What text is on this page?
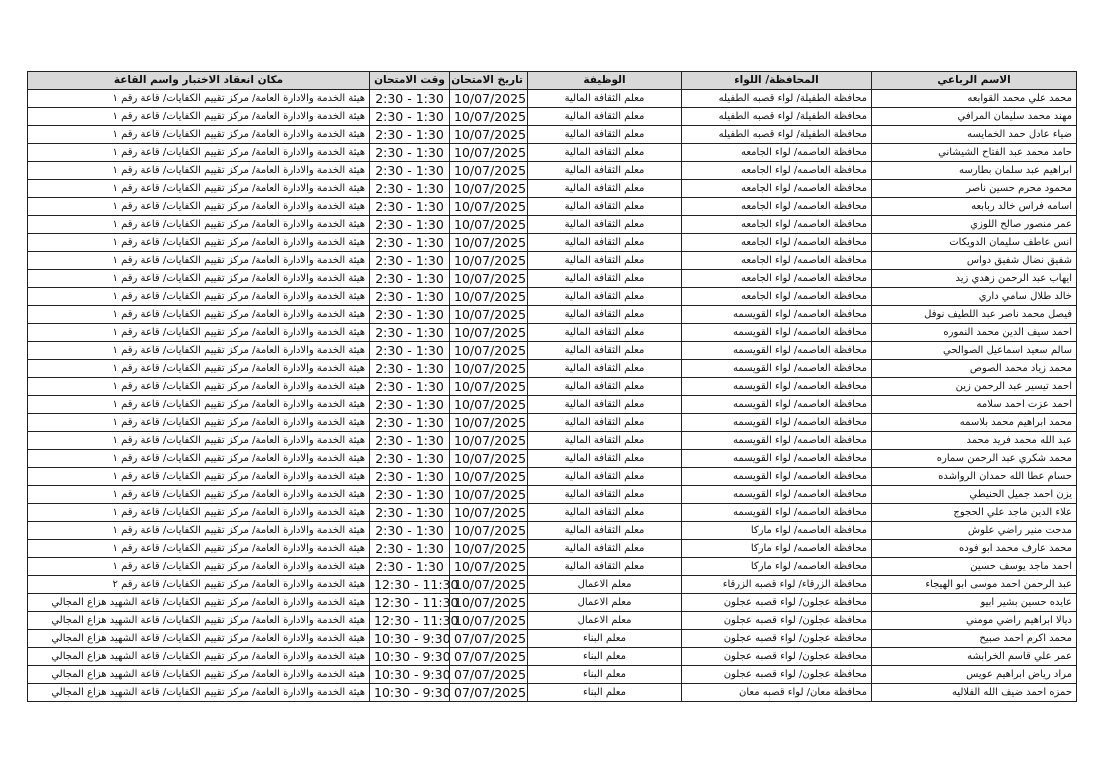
الاسم الرباعي	المحافظة/ اللواء	الوظيفة	تاريخ الامتحان	وقت الامتحان	مكان انعقاد الاختبار واسم القاعة
محمد علي محمد القوابعه	محافظة الطفيلة/ لواء قصبه الطفيله	معلم الثقافة المالية	10/07/2025	2:30 - 1:30	هيئة الخدمة والادارة العامة/ مركز تقييم الكفايات/ قاعة رقم ١
مهند محمد سليمان المرافي	محافظة الطفيلة/ لواء قصبه الطفيله	معلم الثقافة المالية	10/07/2025	2:30 - 1:30	هيئة الخدمة والادارة العامة/ مركز تقييم الكفايات/ قاعة رقم ١
ضياء عادل حمد الخمايسه	محافظة الطفيلة/ لواء قصبه الطفيله	معلم الثقافة المالية	10/07/2025	2:30 - 1:30	هيئة الخدمة والادارة العامة/ مركز تقييم الكفايات/ قاعة رقم ١
حامد محمد عبد الفتاح الشيشاني	محافظة العاصمه/ لواء الجامعه	معلم الثقافة المالية	10/07/2025	2:30 - 1:30	هيئة الخدمة والادارة العامة/ مركز تقييم الكفايات/ قاعة رقم ١
ابراهيم عبد سلمان بطارسه	محافظة العاصمه/ لواء الجامعه	معلم الثقافة المالية	10/07/2025	2:30 - 1:30	هيئة الخدمة والادارة العامة/ مركز تقييم الكفايات/ قاعة رقم ١
محمود محرم حسين ناصر	محافظة العاصمه/ لواء الجامعه	معلم الثقافة المالية	10/07/2025	2:30 - 1:30	هيئة الخدمة والادارة العامة/ مركز تقييم الكفايات/ قاعة رقم ١
اسامه فراس خالد ربابعه	محافظة العاصمه/ لواء الجامعه	معلم الثقافة المالية	10/07/2025	2:30 - 1:30	هيئة الخدمة والادارة العامة/ مركز تقييم الكفايات/ قاعة رقم ١
عمر منصور صالح اللوزي	محافظة العاصمه/ لواء الجامعه	معلم الثقافة المالية	10/07/2025	2:30 - 1:30	هيئة الخدمة والادارة العامة/ مركز تقييم الكفايات/ قاعة رقم ١
انس عاطف سليمان الدويكات	محافظة العاصمه/ لواء الجامعه	معلم الثقافة المالية	10/07/2025	2:30 - 1:30	هيئة الخدمة والادارة العامة/ مركز تقييم الكفايات/ قاعة رقم ١
شفيق نضال شفيق دواس	محافظة العاصمه/ لواء الجامعه	معلم الثقافة المالية	10/07/2025	2:30 - 1:30	هيئة الخدمة والادارة العامة/ مركز تقييم الكفايات/ قاعة رقم ١
ايهاب عبد الرحمن زهدي زيد	محافظة العاصمه/ لواء الجامعه	معلم الثقافة المالية	10/07/2025	2:30 - 1:30	هيئة الخدمة والادارة العامة/ مركز تقييم الكفايات/ قاعة رقم ١
خالد طلال سامي داري	محافظة العاصمه/ لواء الجامعه	معلم الثقافة المالية	10/07/2025	2:30 - 1:30	هيئة الخدمة والادارة العامة/ مركز تقييم الكفايات/ قاعة رقم ١
فيصل محمد ناصر عبد اللطيف نوفل	محافظة العاصمه/ لواء القويسمه	معلم الثقافة المالية	10/07/2025	2:30 - 1:30	هيئة الخدمة والادارة العامة/ مركز تقييم الكفايات/ قاعة رقم ١
احمد سيف الدين محمد النموره	محافظة العاصمه/ لواء القويسمه	معلم الثقافة المالية	10/07/2025	2:30 - 1:30	هيئة الخدمة والادارة العامة/ مركز تقييم الكفايات/ قاعة رقم ١
سالم سعيد اسماعيل الصوالحي	محافظة العاصمه/ لواء القويسمه	معلم الثقافة المالية	10/07/2025	2:30 - 1:30	هيئة الخدمة والادارة العامة/ مركز تقييم الكفايات/ قاعة رقم ١
محمد زياد محمد الصوص	محافظة العاصمه/ لواء القويسمه	معلم الثقافة المالية	10/07/2025	2:30 - 1:30	هيئة الخدمة والادارة العامة/ مركز تقييم الكفايات/ قاعة رقم ١
احمد تيسير عبد الرحمن زين	محافظة العاصمه/ لواء القويسمه	معلم الثقافة المالية	10/07/2025	2:30 - 1:30	هيئة الخدمة والادارة العامة/ مركز تقييم الكفايات/ قاعة رقم ١
احمد عزت احمد سلامه	محافظة العاصمه/ لواء القويسمه	معلم الثقافة المالية	10/07/2025	2:30 - 1:30	هيئة الخدمة والادارة العامة/ مركز تقييم الكفايات/ قاعة رقم ١
محمد ابراهيم محمد بلاسمه	محافظة العاصمه/ لواء القويسمه	معلم الثقافة المالية	10/07/2025	2:30 - 1:30	هيئة الخدمة والادارة العامة/ مركز تقييم الكفايات/ قاعة رقم ١
عبد الله محمد فريد محمد	محافظة العاصمه/ لواء القويسمه	معلم الثقافة المالية	10/07/2025	2:30 - 1:30	هيئة الخدمة والادارة العامة/ مركز تقييم الكفايات/ قاعة رقم ١
محمد شكري عبد الرحمن سماره	محافظة العاصمه/ لواء القويسمه	معلم الثقافة المالية	10/07/2025	2:30 - 1:30	هيئة الخدمة والادارة العامة/ مركز تقييم الكفايات/ قاعة رقم ١
حسام عطا الله حمدان الرواشده	محافظة العاصمه/ لواء القويسمه	معلم الثقافة المالية	10/07/2025	2:30 - 1:30	هيئة الخدمة والادارة العامة/ مركز تقييم الكفايات/ قاعة رقم ١
يزن احمد جميل الحنيطي	محافظة العاصمه/ لواء القويسمه	معلم الثقافة المالية	10/07/2025	2:30 - 1:30	هيئة الخدمة والادارة العامة/ مركز تقييم الكفايات/ قاعة رقم ١
علاء الدين ماجد علي الحجوج	محافظة العاصمه/ لواء القويسمه	معلم الثقافة المالية	10/07/2025	2:30 - 1:30	هيئة الخدمة والادارة العامة/ مركز تقييم الكفايات/ قاعة رقم ١
مدحت منير راضي علوش	محافظة العاصمه/ لواء ماركا	معلم الثقافة المالية	10/07/2025	2:30 - 1:30	هيئة الخدمة والادارة العامة/ مركز تقييم الكفايات/ قاعة رقم ١
محمد عارف محمد ابو فوده	محافظة العاصمه/ لواء ماركا	معلم الثقافة المالية	10/07/2025	2:30 - 1:30	هيئة الخدمة والادارة العامة/ مركز تقييم الكفايات/ قاعة رقم ١
احمد ماجد يوسف حسين	محافظة العاصمه/ لواء ماركا	معلم الثقافة المالية	10/07/2025	2:30 - 1:30	هيئة الخدمة والادارة العامة/ مركز تقييم الكفايات/ قاعة رقم ١
عبد الرحمن احمد موسى ابو الهيجاء	محافظة الزرقاء/ لواء قصبه الزرقاء	معلم الاعمال	10/07/2025	12:30 - 11:30	هيئة الخدمة والادارة العامة/ مركز تقييم الكفايات/ قاعة رقم ٢
عايده حسين بشير ابيو	محافظة عجلون/ لواء قصبه عجلون	معلم الاعمال	10/07/2025	12:30 - 11:30	هيئة الخدمة والادارة العامة/ مركز تقييم الكفايات/ قاعة الشهيد هزاع المجالي
ديالا ابراهيم راضي مومني	محافظة عجلون/ لواء قصبه عجلون	معلم الاعمال	10/07/2025	12:30 - 11:30	هيئة الخدمة والادارة العامة/ مركز تقييم الكفايات/ قاعة الشهيد هزاع المجالي
محمد اكرم احمد صبيح	محافظة عجلون/ لواء قصبه عجلون	معلم البناء	07/07/2025	10:30 - 9:30	هيئة الخدمة والادارة العامة/ مركز تقييم الكفايات/ قاعة الشهيد هزاع المجالي
عمر علي قاسم الخرابشه	محافظة عجلون/ لواء قصبه عجلون	معلم البناء	07/07/2025	10:30 - 9:30	هيئة الخدمة والادارة العامة/ مركز تقييم الكفايات/ قاعة الشهيد هزاع المجالي
مراد رياض ابراهيم عويس	محافظة عجلون/ لواء قصبه عجلون	معلم البناء	07/07/2025	10:30 - 9:30	هيئة الخدمة والادارة العامة/ مركز تقييم الكفايات/ قاعة الشهيد هزاع المجالي
حمزه احمد ضيف الله الفلاليه	محافظة معان/ لواء قصبه معان	معلم البناء	07/07/2025	10:30 - 9:30	هيئة الخدمة والادارة العامة/ مركز تقييم الكفايات/ قاعة الشهيد هزاع المجالي
